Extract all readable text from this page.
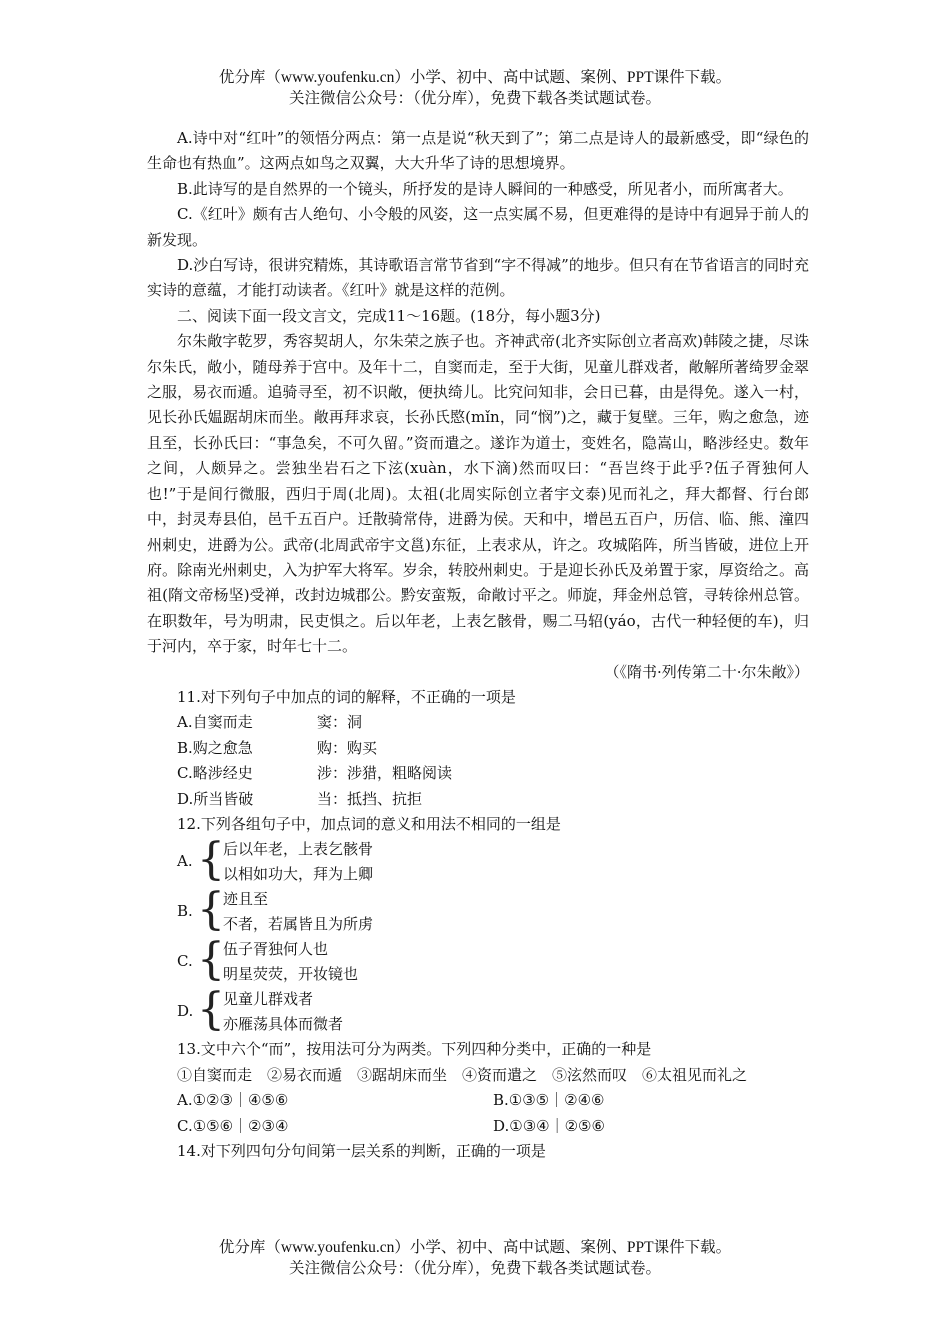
优分库（www.youfenku.cn）小学、初中、高中试题、案例、PPT课件下载。
关注微信公众号：（优分库），免费下载各类试题试卷。

A.诗中对“红叶”的领悟分两点：第一点是说“秋天到了”；第二点是诗人的最新感受，即“绿色的生命也有热血”。这两点如鸟之双翼，大大升华了诗的思想境界。

B.此诗写的是自然界的一个镜头，所抒发的是诗人瞬间的一种感受，所见者小，而所寓者大。

C.《红叶》颇有古人绝句、小令般的风姿，这一点实属不易，但更难得的是诗中有迥异于前人的新发现。

D.沙白写诗，很讲究精炼，其诗歌语言常节省到“字不得减”的地步。但只有在节省语言的同时充实诗的意蕴，才能打动读者。《红叶》就是这样的范例。

二、阅读下面一段文言文，完成11～16题。(18分，每小题3分)

尔朱敞字乾罗，秀容契胡人，尔朱荣之族子也。齐神武帝(北齐实际创立者高欢)韩陵之捷，尽诛尔朱氏，敞小，随母养于宫中。及年十二，自窦而走，至于大街，见童儿群戏者，敞解所著绮罗金翠之服，易衣而遁。追骑寻至，初不识敞，便执绮儿。比究问知非，会日已暮，由是得免。遂入一村，见长孙氏媪踞胡床而坐。敞再拜求哀，长孙氏愍(mǐn，同“悯”)之，藏于复壁。三年，购之愈急，迹且至，长孙氏曰：“事急矣，不可久留。”资而遣之。遂诈为道士，变姓名，隐嵩山，略涉经史。数年之间，人颇异之。尝独坐岩石之下泫(xuàn，水下滴)然而叹曰：“吾岂终于此乎?伍子胥独何人也!”于是间行微服，西归于周(北周)。太祖(北周实际创立者宇文泰)见而礼之，拜大都督、行台郎中，封灵寿县伯，邑千五百户。迁散骑常侍，进爵为侯。天和中，增邑五百户，历信、临、熊、潼四州刺史，进爵为公。武帝(北周武帝宇文邕)东征，上表求从，许之。攻城陷阵，所当皆破，进位上开府。除南光州刺史，入为护军大将军。岁余，转胶州刺史。于是迎长孙氏及弟置于家，厚资给之。高祖(隋文帝杨坚)受禅，改封边城郡公。黔安蛮叛，命敞讨平之。师旋，拜金州总管，寻转徐州总管。在职数年，号为明肃，民吏惧之。后以年老，上表乞骸骨，赐二马轺(yáo，古代一种轻便的车)，归于河内，卒于家，时年七十二。

（《隋书·列传第二十·尔朱敞》）

11.对下列句子中加点的词的解释，不正确的一项是

A.自窦而走	窦：洞
B.购之愈急	购：购买
C.略涉经史	涉：涉猎，粗略阅读
D.所当皆破	当：抵挡、抗拒

12.下列各组句子中，加点词的意义和用法不相同的一组是

A. {
后以年老，上表乞骸骨
以相如功大，拜为上卿
B. {
迹且至
不者，若属皆且为所虏
C. {
伍子胥独何人也
明星荧荧，开妆镜也
D. {
见童儿群戏者
亦雁荡具体而微者

13.文中六个“而”，按用法可分为两类。下列四种分类中，正确的一种是

①自窦而走　②易衣而遁　③踞胡床而坐　④资而遣之　⑤泫然而叹　⑥太祖见而礼之

A.①②③｜④⑤⑥	B.①③⑤｜②④⑥
C.①⑤⑥｜②③④	D.①③④｜②⑤⑥

14.对下列四句分句间第一层关系的判断，正确的一项是

优分库（www.youfenku.cn）小学、初中、高中试题、案例、PPT课件下载。
关注微信公众号：（优分库），免费下载各类试题试卷。
